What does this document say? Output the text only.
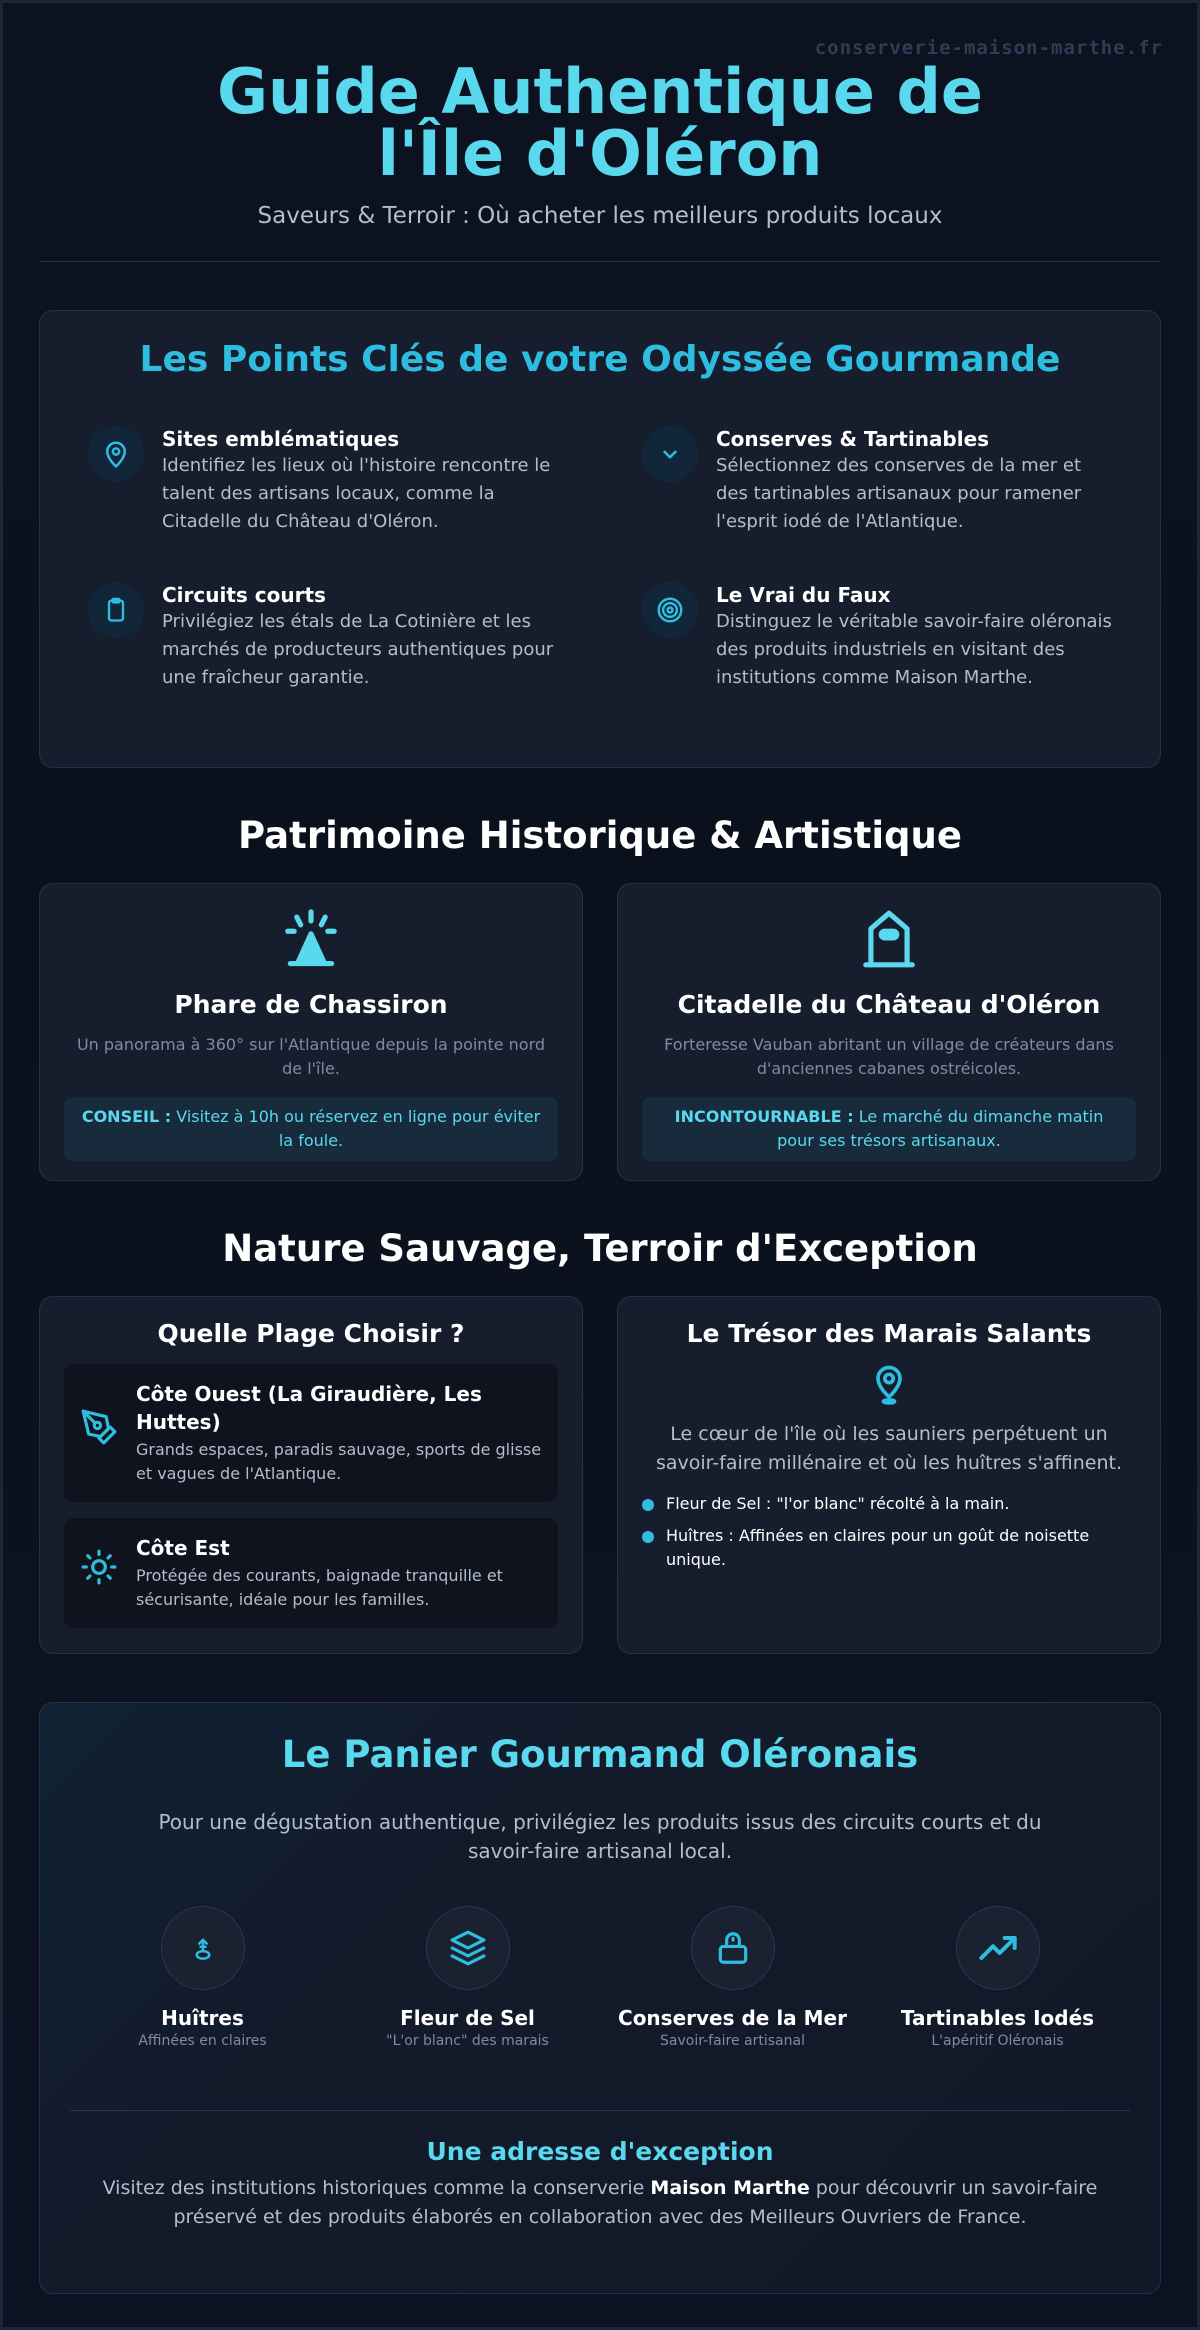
conserverie-maison-marthe.fr
Guide Authentique de l'Île d'Oléron

Saveurs & Terroir : Où acheter les meilleurs produits locaux

Les Points Clés de votre Odyssée Gourmande
Sites emblématiques
Identifiez les lieux où l'histoire rencontre le talent des artisans locaux, comme la Citadelle du Château d'Oléron.
Conserves & Tartinables
Sélectionnez des conserves de la mer et des tartinables artisanaux pour ramener l'esprit iodé de l'Atlantique.
Circuits courts
Privilégiez les étals de La Cotinière et les marchés de producteurs authentiques pour une fraîcheur garantie.
Le Vrai du Faux
Distinguez le véritable savoir-faire oléronais des produits industriels en visitant des institutions comme Maison Marthe.
Patrimoine Historique & Artistique
Phare de Chassiron

Un panorama à 360° sur l'Atlantique depuis la pointe nord de l'île.

CONSEIL : Visitez à 10h ou réservez en ligne pour éviter la foule.
Citadelle du Château d'Oléron

Forteresse Vauban abritant un village de créateurs dans d'anciennes cabanes ostréicoles.

INCONTOURNABLE : Le marché du dimanche matin pour ses trésors artisanaux.
Nature Sauvage, Terroir d'Exception
Quelle Plage Choisir ?
Côte Ouest (La Giraudière, Les Huttes)
Grands espaces, paradis sauvage, sports de glisse et vagues de l'Atlantique.
Côte Est
Protégée des courants, baignade tranquille et sécurisante, idéale pour les familles.
Le Trésor des Marais Salants

Le cœur de l'île où les sauniers perpétuent un savoir-faire millénaire et où les huîtres s'affinent.

Fleur de Sel : "l'or blanc" récolté à la main.
Huîtres : Affinées en claires pour un goût de noisette unique.
Le Panier Gourmand Oléronais

Pour une dégustation authentique, privilégiez les produits issus des circuits courts et du savoir-faire artisanal local.

Huîtres
Affinées en claires
Fleur de Sel
"L'or blanc" des marais
Conserves de la Mer
Savoir-faire artisanal
Tartinables Iodés
L'apéritif Oléronais
Une adresse d'exception

Visitez des institutions historiques comme la conserverie Maison Marthe pour découvrir un savoir-faire préservé et des produits élaborés en collaboration avec des Meilleurs Ouvriers de France.
